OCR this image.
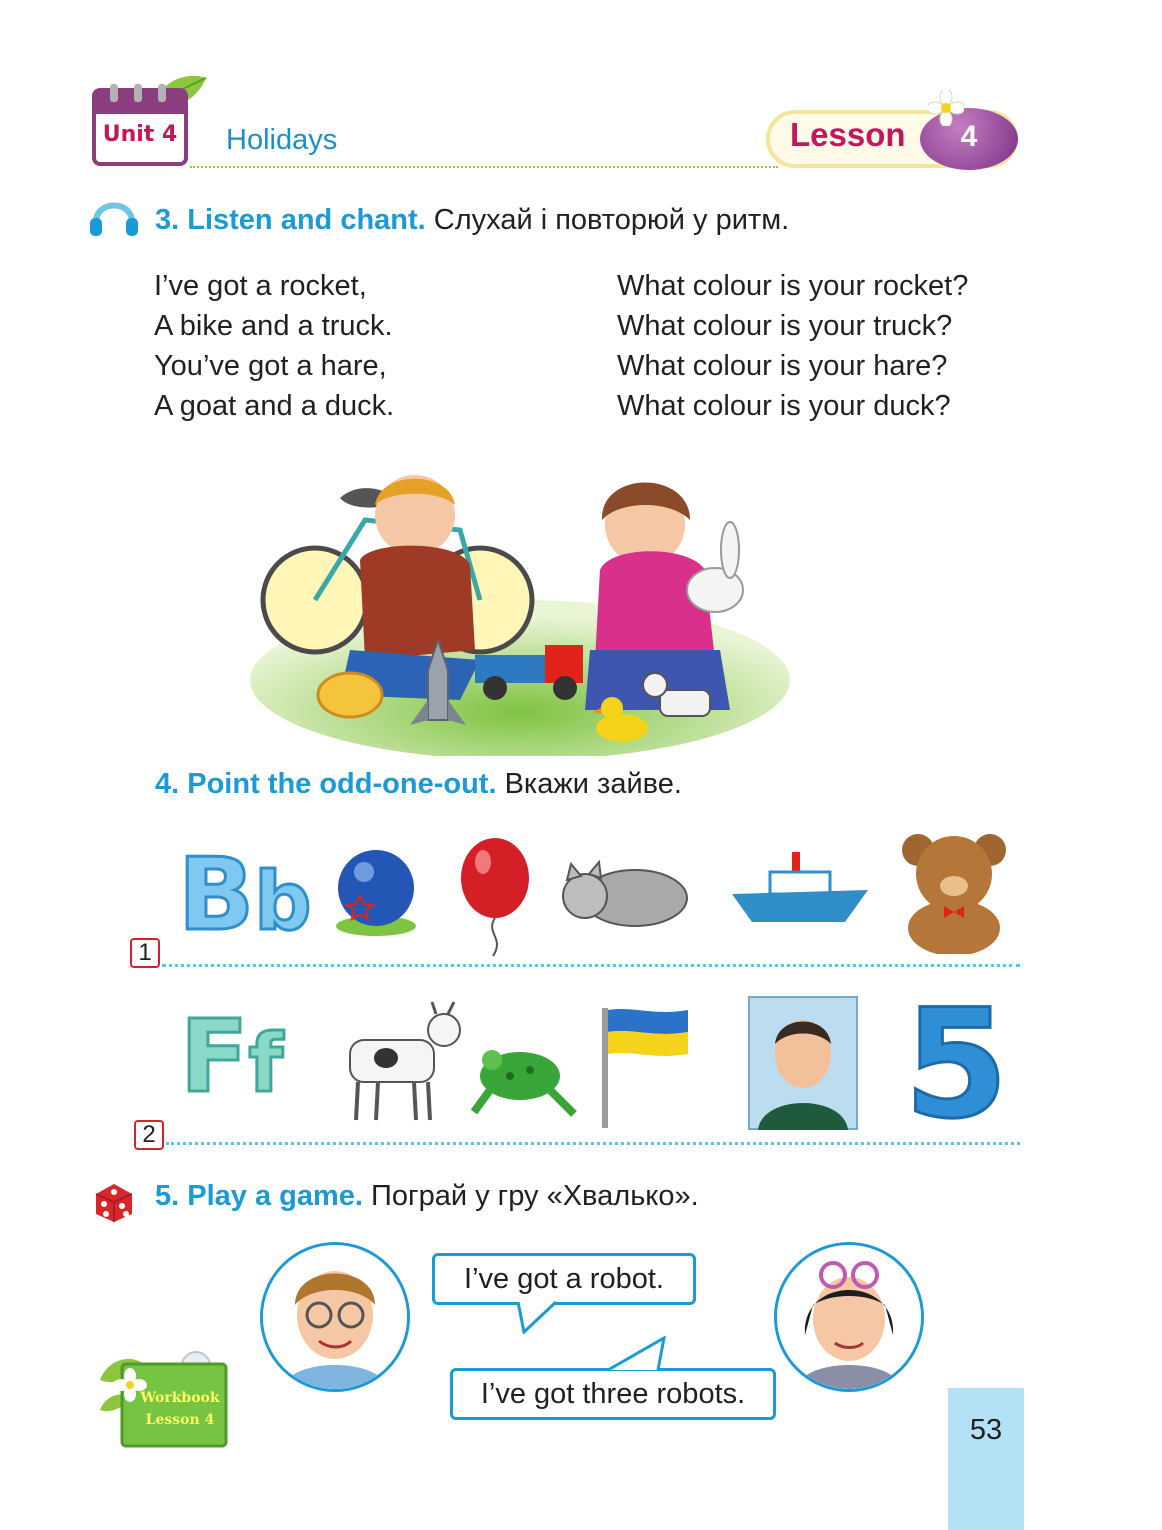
Unit 4 Holidays	Lesson	4
3. Listen and chant. Слухай і повторюй у ритм.
I’ve got a rocket,
A bike and a truck.
You’ve got a hare,
A goat and a duck.
What colour is your rocket?
What colour is your truck?
What colour is your hare?
What colour is your duck?
4. Point the odd-one-out. Вкажи зайве.
Bb
1
Ff	5
2
5. Play a game. Пограй у гру «Хвалько».
I’ve got a robot.
I’ve got three robots.
Workbook
Lesson 4	53
